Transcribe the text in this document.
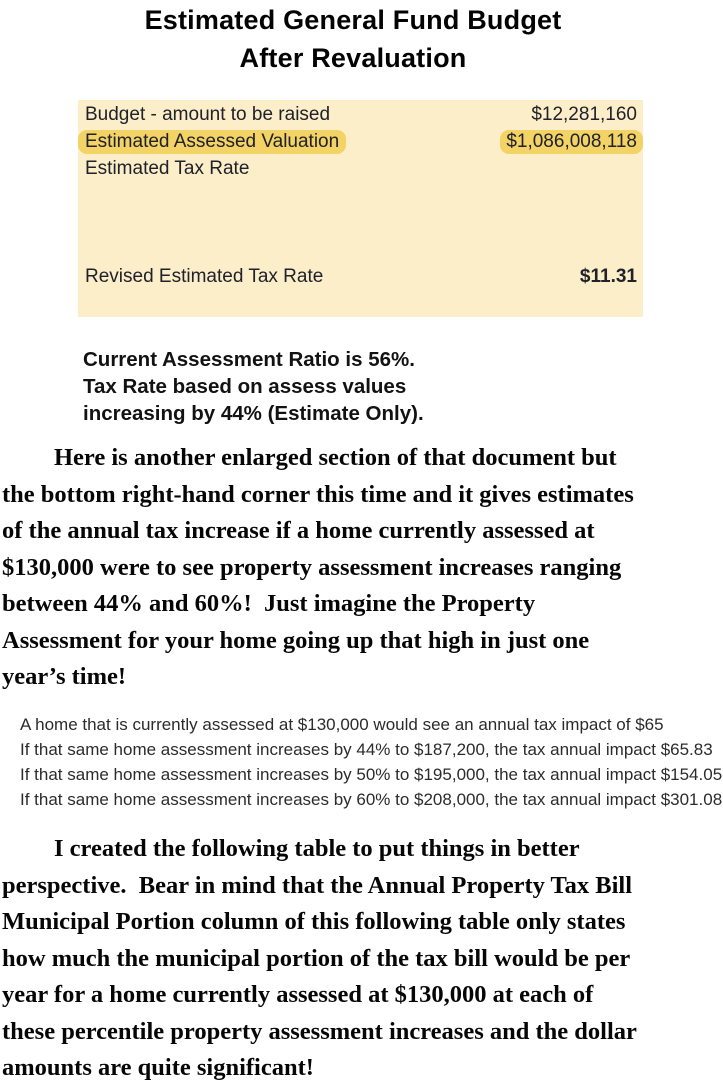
Estimated General Fund Budget
After Revaluation
Budget - amount to be raised	$12,281,160
Estimated Assessed Valuation	$1,086,008,118
Estimated Tax Rate
Revised Estimated Tax Rate	$11.31
Current Assessment Ratio is 56%.
Tax Rate based on assess values
increasing by 44% (Estimate Only).
Here is another enlarged section of that document but
the bottom right-hand corner this time and it gives estimates
of the annual tax increase if a home currently assessed at
$130,000 were to see property assessment increases ranging
between 44% and 60%!  Just imagine the Property
Assessment for your home going up that high in just one
year’s time!
A home that is currently assessed at $130,000 would see an annual tax impact of $65
If that same home assessment increases by 44% to $187,200, the tax annual impact $65.83
If that same home assessment increases by 50% to $195,000, the tax annual impact $154.05
If that same home assessment increases by 60% to $208,000, the tax annual impact $301.08
I created the following table to put things in better
perspective.  Bear in mind that the Annual Property Tax Bill
Municipal Portion column of this following table only states
how much the municipal portion of the tax bill would be per
year for a home currently assessed at $130,000 at each of
these percentile property assessment increases and the dollar
amounts are quite significant!
